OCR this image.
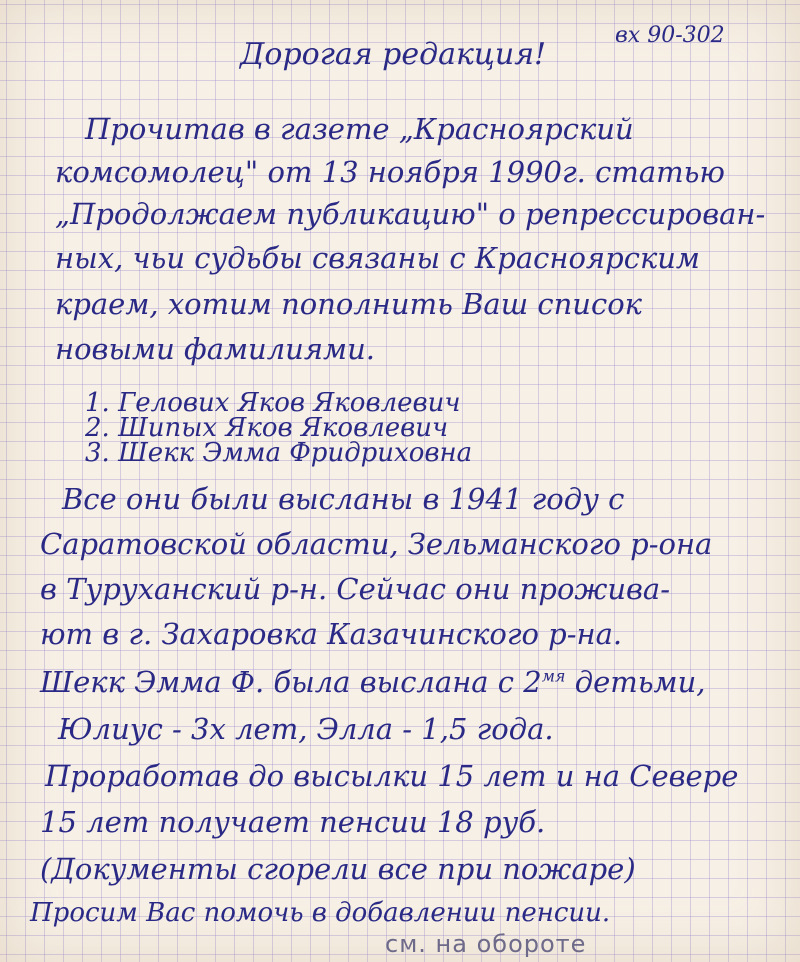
вх 90-302
Дорогая редакция!
Прочитав в газете „Красноярский
комсомолец" от 13 ноября 1990г. статью
„Продолжаем публикацию" о репрессирован-
ных, чьи судьбы связаны с Красноярским
краем, хотим пополнить Ваш список
новыми фамилиями.
1. Геловиx Яков Яковлевич
2. Шипыx Яков Яковлевич
3. Шекк Эмма Фридриховна
Все они были высланы в 1941 году с
Саратовской области, Зельманского р-она
в Туруханский р-н. Сейчас они прожива-
ют в г. Захаровка Казачинского р-на.
Шекк Эмма Ф. была выслана с $2^{мя}$ детьми,
Юлиус - 3х лет, Элла - 1,5 года.
Проработав до высылки 15 лет и на Севере
15 лет получает пенсии 18 руб.
(Документы сгорели все при пожаре)
Просим Вас помочь в добавлении пенсии.
см. на обороте
